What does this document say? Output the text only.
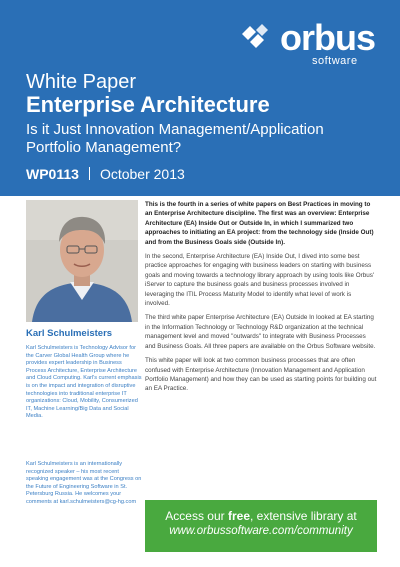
orbus
software
White Paper
Enterprise Architecture
Is it Just Innovation Management/Application Portfolio Management?
WP0113 October 2013
Karl Schulmeisters
Karl Schulmeisters is Technology Advisor for the Carver Global Health Group where he provides expert leadership in Business Process Architecture, Enterprise Architecture and Cloud Computing. Karl's current emphasis is on the impact and integration of disruptive technologies into traditional enterprise IT organizations: Cloud, Mobility, Consumerized IT, Machine Learning/Big Data and Social Media.
Karl Schulmeisters is an internationally recognized speaker – his most recent speaking engagement was at the Congress on the Future of Engineering Software in St. Petersburg Russia. He welcomes your comments at karl.schulmeisters@cg-hg.com

This is the fourth in a series of white papers on Best Practices in moving to an Enterprise Architecture discipline. The first was an overview: Enterprise Architecture (EA) Inside Out or Outside In, in which I summarized two approaches to initiating an EA project: from the technology side (Inside Out) and from the Business Goals side (Outside In).

In the second, Enterprise Architecture (EA) Inside Out, I dived into some best practice approaches for engaging with business leaders on starting with business goals and moving towards a technology library approach by using tools like Orbus' iServer to capture the business goals and business processes involved in leveraging the ITIL Process Maturity Model to identify what level of work is involved.

The third white paper Enterprise Architecture (EA) Outside In looked at EA starting in the Information Technology or Technology R&D organization at the technical management level and moved "outwards" to integrate with Business Processes and Business Goals. All three papers are available on the Orbus Software website.

This white paper will look at two common business processes that are often confused with Enterprise Architecture (Innovation Management and Application Portfolio Management) and how they can be used as starting points for building out an EA Practice.

Access our free, extensive library at
www.orbussoftware.com/community
